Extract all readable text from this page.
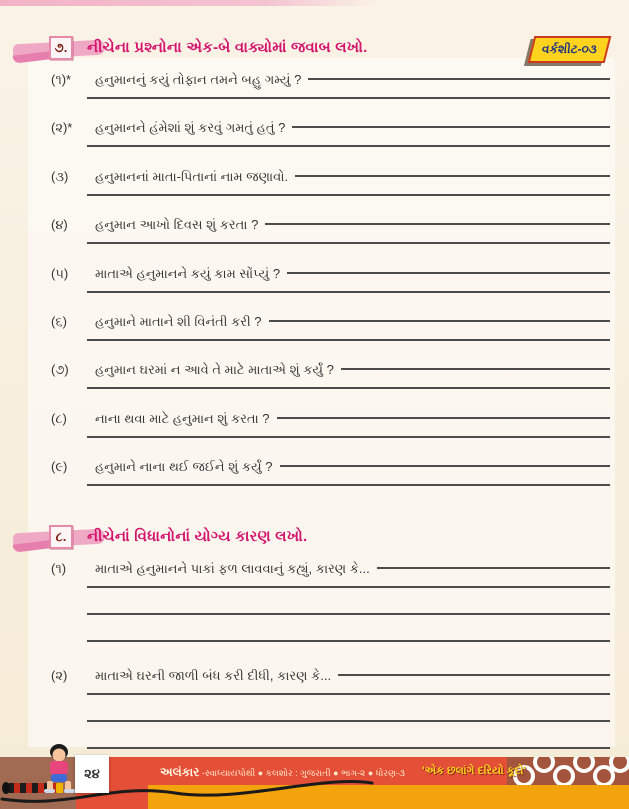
૭.	નીચેના પ્રશ્નોના એક-બે વાક્યોમાં જવાબ લખો.	વર્કશીટ-૦૩
(૧)*	હનુમાનનું કયું તોફાન તમને બહુ ગમ્યું ?
(૨)*	હનુમાનને હંમેશાં શું કરવું ગમતું હતું ?
(૩)	હનુમાનનાં માતા-પિતાનાં નામ જણાવો.
(૪)	હનુમાન આખો દિવસ શું કરતા ?
(૫)	માતાએ હનુમાનને કયું કામ સોંપ્યું ?
(૬)	હનુમાને માતાને શી વિનંતી કરી ?
(૭)	હનુમાન ઘરમાં ન આવે તે માટે માતાએ શું કર્યું ?
(૮)	નાના થવા માટે હનુમાન શું કરતા ?
(૯)	હનુમાને નાના થઈ જઈને શું કર્યું ?
૮.	નીચેનાં વિધાનોનાં યોગ્ય કારણ લખો.
(૧)	માતાએ હનુમાનને પાકાં ફળ લાવવાનું કહ્યું, કારણ કે...
(૨)	માતાએ ઘરની જાળી બંધ કરી દીધી, કારણ કે...
૨૪	અલંકાર -સ્વાધ્યાયપોથી ● કલશોર : ગુજરાતી ● ભાગ-૨ ● ધોરણ-૩ 'એક છલાંગે દરિયો કૂદો'
